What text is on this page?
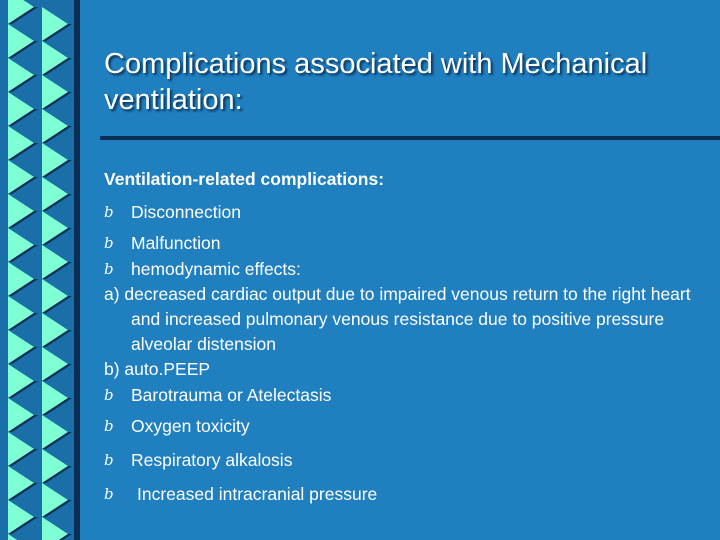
Complications associated with Mechanical ventilation:
Ventilation-related complications:
b Disconnection
b Malfunction
b hemodynamic effects:
a) decreased cardiac output due to impaired venous return to the right heart and increased pulmonary venous resistance due to positive pressure alveolar distension
b) auto.PEEP
b Barotrauma or Atelectasis
b Oxygen toxicity
b Respiratory alkalosis
b	Increased intracranial pressure
